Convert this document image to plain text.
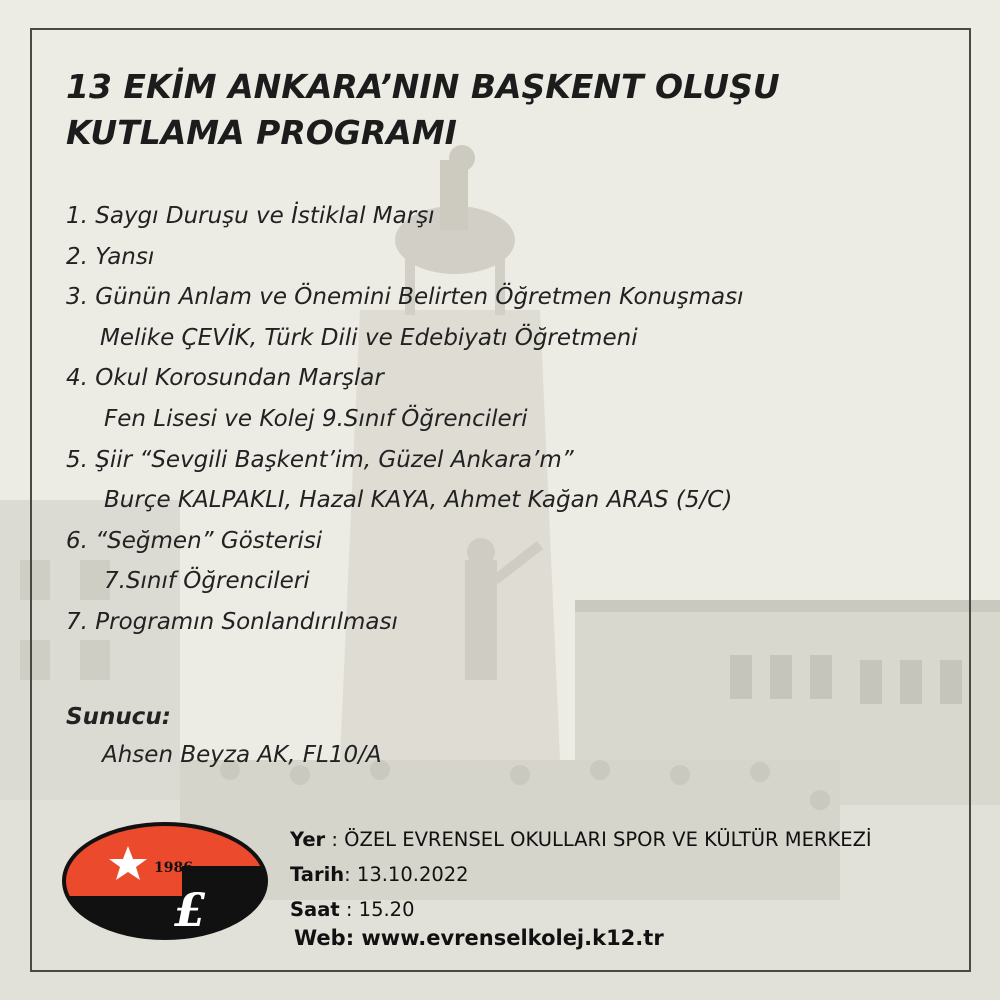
13 EKİM ANKARA’NIN BAŞKENT OLUŞU
KUTLAMA PROGRAMI
1. Saygı Duruşu ve İstiklal Marşı
2. Yansı
3. Günün Anlam ve Önemini Belirten Öğretmen Konuşması
Melike ÇEVİK, Türk Dili ve Edebiyatı Öğretmeni
4. Okul Korosundan Marşlar
Fen Lisesi ve Kolej 9.Sınıf Öğrencileri
5. Şiir “Sevgili Başkent’im, Güzel Ankara’m”
Burçe KALPAKLI, Hazal KAYA, Ahmet Kağan ARAS (5/C)
6. “Seğmen” Gösterisi
7.Sınıf Öğrencileri
7. Programın Sonlandırılması
Sunucu:
Ahsen Beyza AK, FL10/A
1986
£
Yer : ÖZEL EVRENSEL OKULLARI SPOR VE KÜLTÜR MERKEZİ
Tarih: 13.10.2022
Saat : 15.20
Web: www.evrenselkolej.k12.tr
